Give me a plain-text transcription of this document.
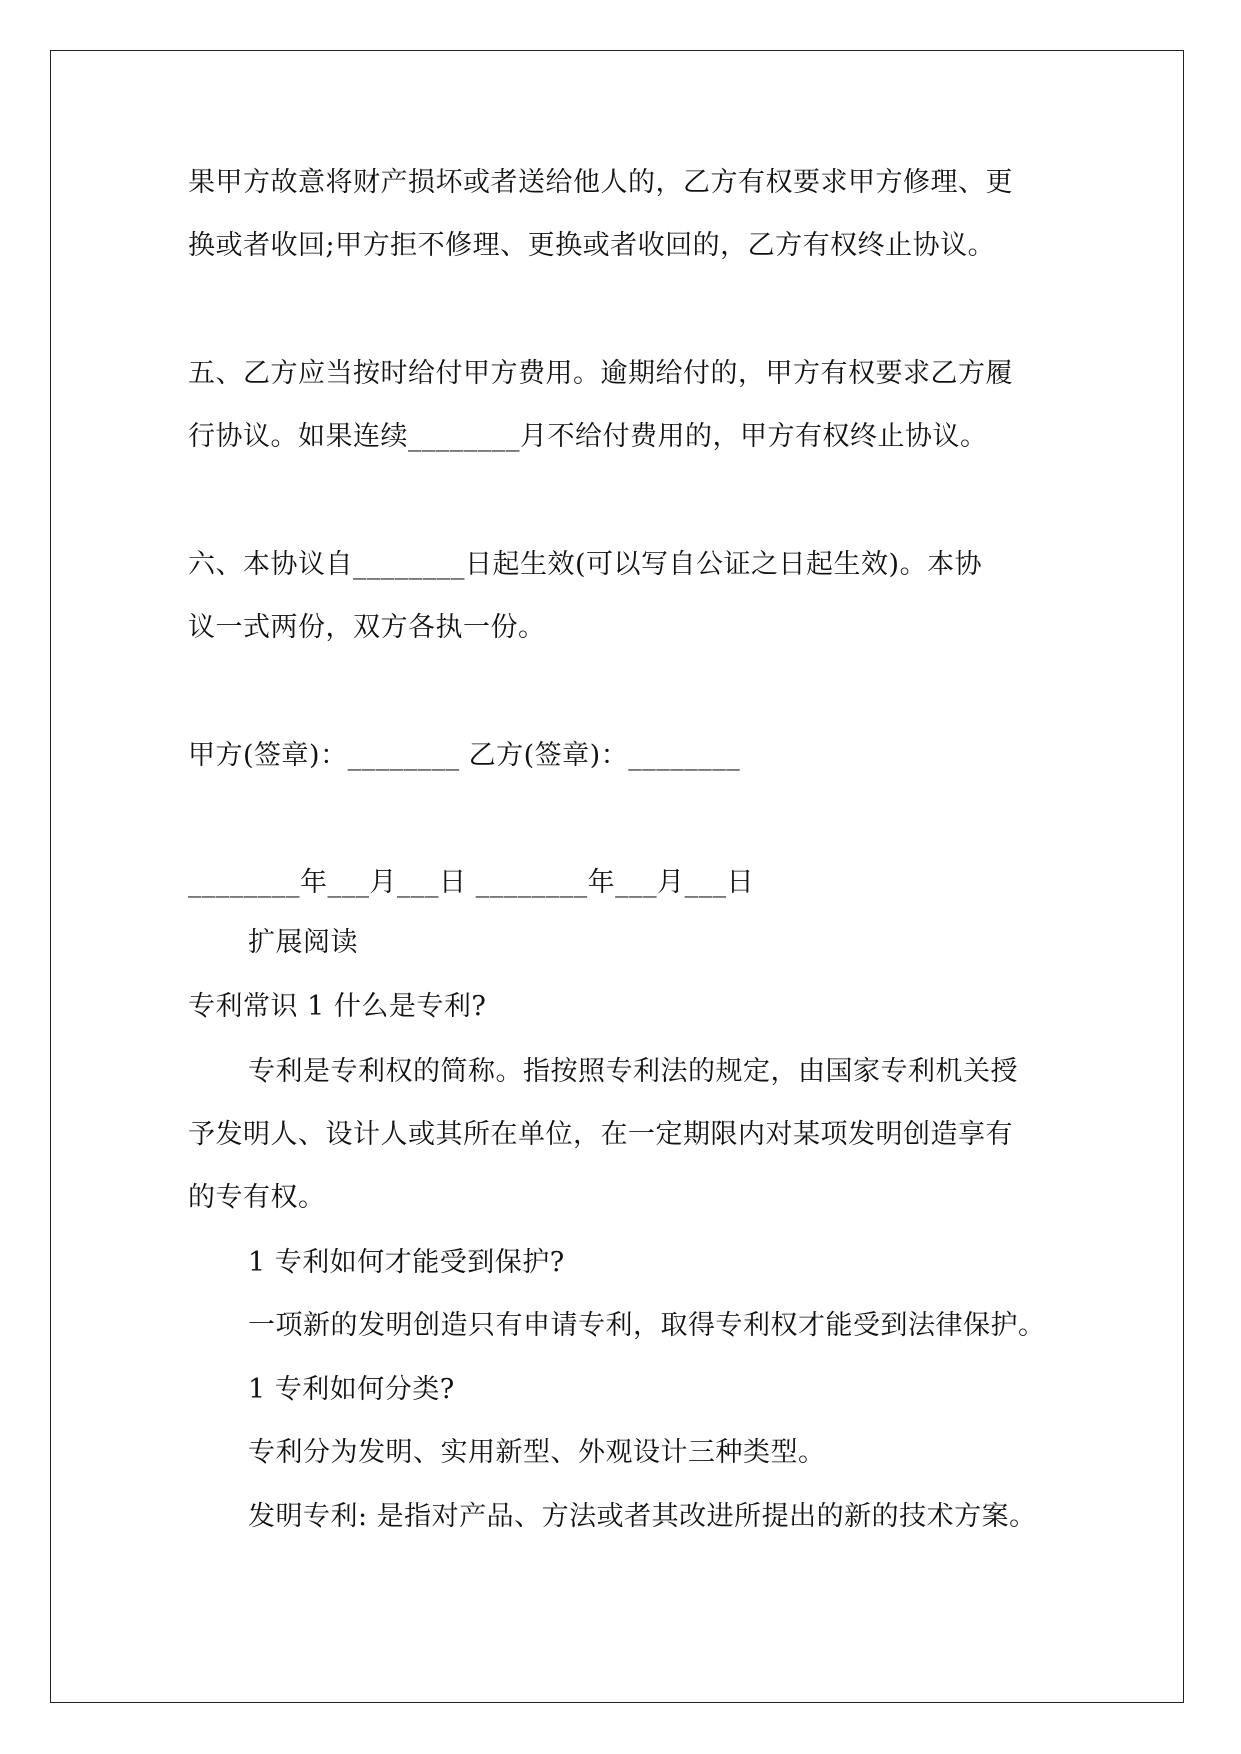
果甲方故意将财产损坏或者送给他人的，乙方有权要求甲方修理、更
换或者收回;甲方拒不修理、更换或者收回的，乙方有权终止协议。
五、乙方应当按时给付甲方费用。逾期给付的，甲方有权要求乙方履
行协议。如果连续________月不给付费用的，甲方有权终止协议。
六、本协议自________日起生效(可以写自公证之日起生效)。本协
议一式两份，双方各执一份。
甲方(签章)：________ 乙方(签章)：________
________年___月___日 ________年___月___日
扩展阅读
专利常识 1 什么是专利?
专利是专利权的简称。指按照专利法的规定，由国家专利机关授
予发明人、设计人或其所在单位，在一定期限内对某项发明创造享有
的专有权。
1 专利如何才能受到保护?
一项新的发明创造只有申请专利，取得专利权才能受到法律保护。
1 专利如何分类?
专利分为发明、实用新型、外观设计三种类型。
发明专利: 是指对产品、方法或者其改进所提出的新的技术方案。
